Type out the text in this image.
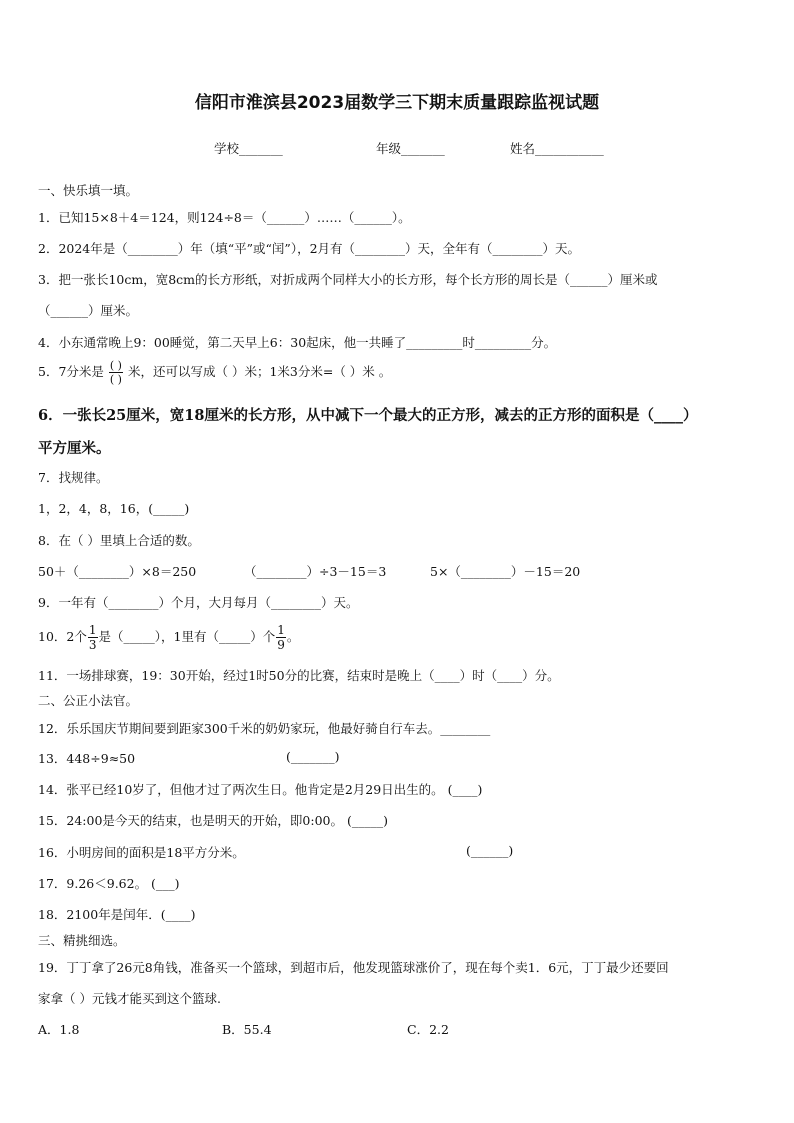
信阳市淮滨县2023届数学三下期末质量跟踪监视试题
学校_______	年级_______	姓名___________
一、快乐填一填。
1．已知15×8＋4＝124，则124÷8＝（______）……（______）。
2．2024年是（________）年（填“平”或“闰”），2月有（________）天，全年有（________）天。
3．把一张长10cm，宽8cm的长方形纸，对折成两个同样大小的长方形，每个长方形的周长是（______）厘米或
（______）厘米。
4．小东通常晚上9：00睡觉，第二天早上6：30起床，他一共睡了_________时_________分。
5．7分米是 $\frac{( )}{( )}$ 米，还可以写成（ ）米；1米3分米=（ ）米 。
6．一张长25厘米，宽18厘米的长方形，从中减下一个最大的正方形，减去的正方形的面积是（____）
平方厘米。
7．找规律。
1，2，4，8，16，(_____)
8．在（ ）里填上合适的数。
50＋（________）×8＝250	（________）÷3－15＝3	5×（________）－15＝20
9．一年有（________）个月，大月每月（________）天。
10．2个 $\frac{1}{3}$ 是（_____），1里有（_____）个 $\frac{1}{9}$ 。
11．一场排球赛，19：30开始，经过1时50分的比赛，结束时是晚上（____）时（____）分。
二、公正小法官。
12．乐乐国庆节期间要到距家300千米的奶奶家玩，他最好骑自行车去。________
13．448÷9≈50	(_______)
14．张平已经10岁了，但他才过了两次生日。他肯定是2月29日出生的。 (____)
15．24:00是今天的结束，也是明天的开始，即0:00。 (_____)
16．小明房间的面积是18平方分米。	(______)
17．9.26＜9.62。 (___)
18．2100年是闰年．(____)
三、精挑细选。
19．丁丁拿了26元8角钱，准备买一个篮球，到超市后，他发现篮球涨价了，现在每个卖1．6元，丁丁最少还要回
家拿（ ）元钱才能买到这个篮球.
A．1.8	B．55.4	C．2.2
